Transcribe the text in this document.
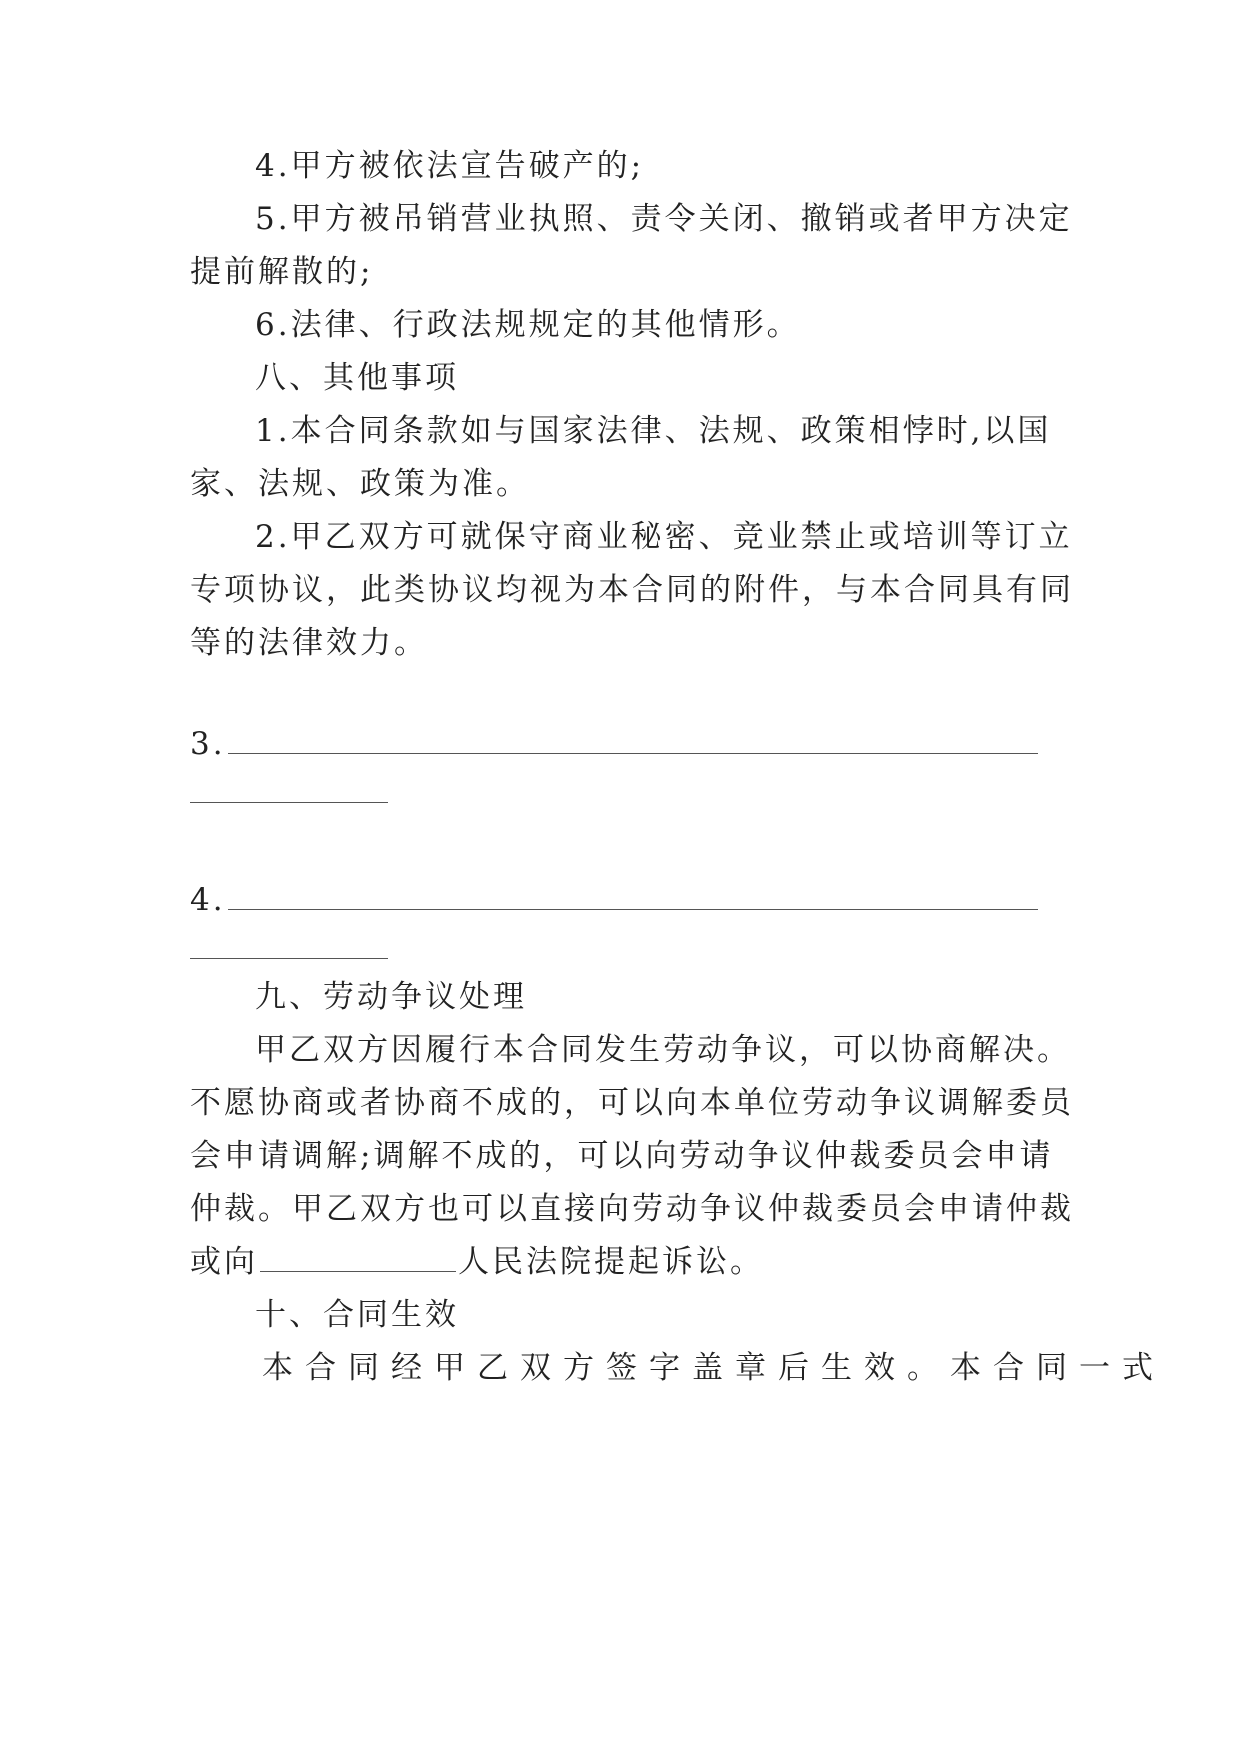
4.甲方被依法宣告破产的;
5.甲方被吊销营业执照、责令关闭、撤销或者甲方决定
提前解散的;
6.法律、行政法规规定的其他情形。
八、其他事项
1.本合同条款如与国家法律、法规、政策相悖时,以国
家、法规、政策为准。
2.甲乙双方可就保守商业秘密、竞业禁止或培训等订立
专项协议，此类协议均视为本合同的附件，与本合同具有同
等的法律效力。
3.
4.
九、劳动争议处理
甲乙双方因履行本合同发生劳动争议，可以协商解决。
不愿协商或者协商不成的，可以向本单位劳动争议调解委员
会申请调解;调解不成的，可以向劳动争议仲裁委员会申请
仲裁。甲乙双方也可以直接向劳动争议仲裁委员会申请仲裁
或向	人民法院提起诉讼。
十、合同生效
本合同经甲乙双方签字盖章后生效。本合同一式
